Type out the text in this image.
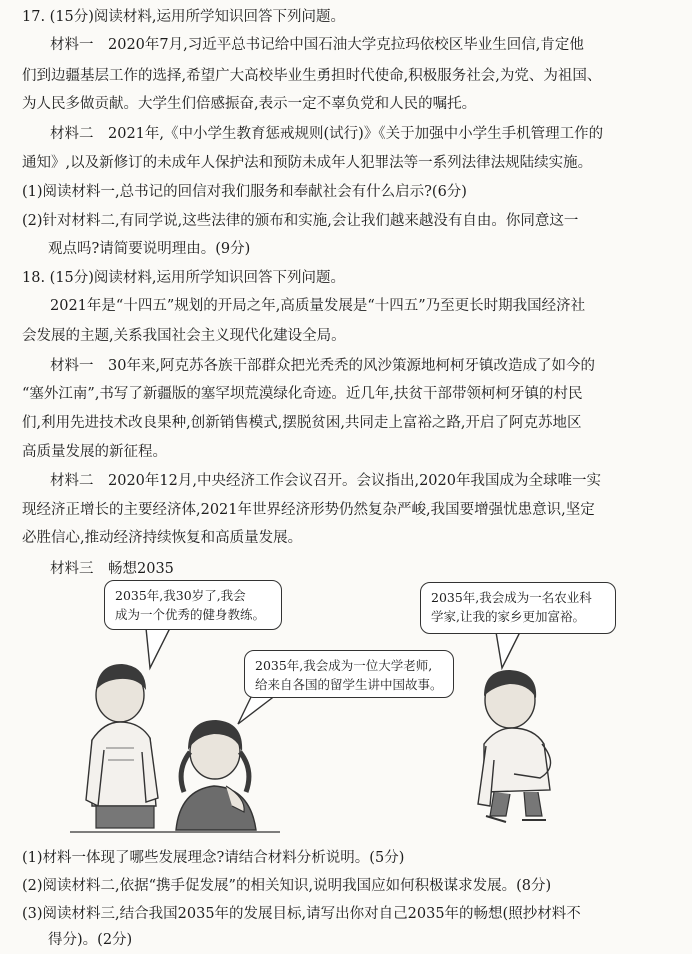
17. (15分)阅读材料,运用所学知识回答下列问题。
材料一　2020年7月,习近平总书记给中国石油大学克拉玛依校区毕业生回信,肯定他
们到边疆基层工作的选择,希望广大高校毕业生勇担时代使命,积极服务社会,为党、为祖国、
为人民多做贡献。大学生们倍感振奋,表示一定不辜负党和人民的嘱托。
材料二　2021年,《中小学生教育惩戒规则(试行)》《关于加强中小学生手机管理工作的
通知》,以及新修订的未成年人保护法和预防未成年人犯罪法等一系列法律法规陆续实施。
(1)阅读材料一,总书记的回信对我们服务和奉献社会有什么启示?(6分)
(2)针对材料二,有同学说,这些法律的颁布和实施,会让我们越来越没有自由。你同意这一
观点吗?请简要说明理由。(9分)
18. (15分)阅读材料,运用所学知识回答下列问题。
2021年是“十四五”规划的开局之年,高质量发展是“十四五”乃至更长时期我国经济社
会发展的主题,关系我国社会主义现代化建设全局。
材料一　30年来,阿克苏各族干部群众把光秃秃的风沙策源地柯柯牙镇改造成了如今的
“塞外江南”,书写了新疆版的塞罕坝荒漠绿化奇迹。近几年,扶贫干部带领柯柯牙镇的村民
们,利用先进技术改良果种,创新销售模式,摆脱贫困,共同走上富裕之路,开启了阿克苏地区
高质量发展的新征程。
材料二　2020年12月,中央经济工作会议召开。会议指出,2020年我国成为全球唯一实
现经济正增长的主要经济体,2021年世界经济形势仍然复杂严峻,我国要增强忧患意识,坚定
必胜信心,推动经济持续恢复和高质量发展。
材料三　畅想2035
2035年,我30岁了,我会
成为一个优秀的健身教练。
2035年,我会成为一位大学老师,
给来自各国的留学生讲中国故事。
2035年,我会成为一名农业科
学家,让我的家乡更加富裕。
(1)材料一体现了哪些发展理念?请结合材料分析说明。(5分)
(2)阅读材料二,依据“携手促发展”的相关知识,说明我国应如何积极谋求发展。(8分)
(3)阅读材料三,结合我国2035年的发展目标,请写出你对自己2035年的畅想(照抄材料不
得分)。(2分)
